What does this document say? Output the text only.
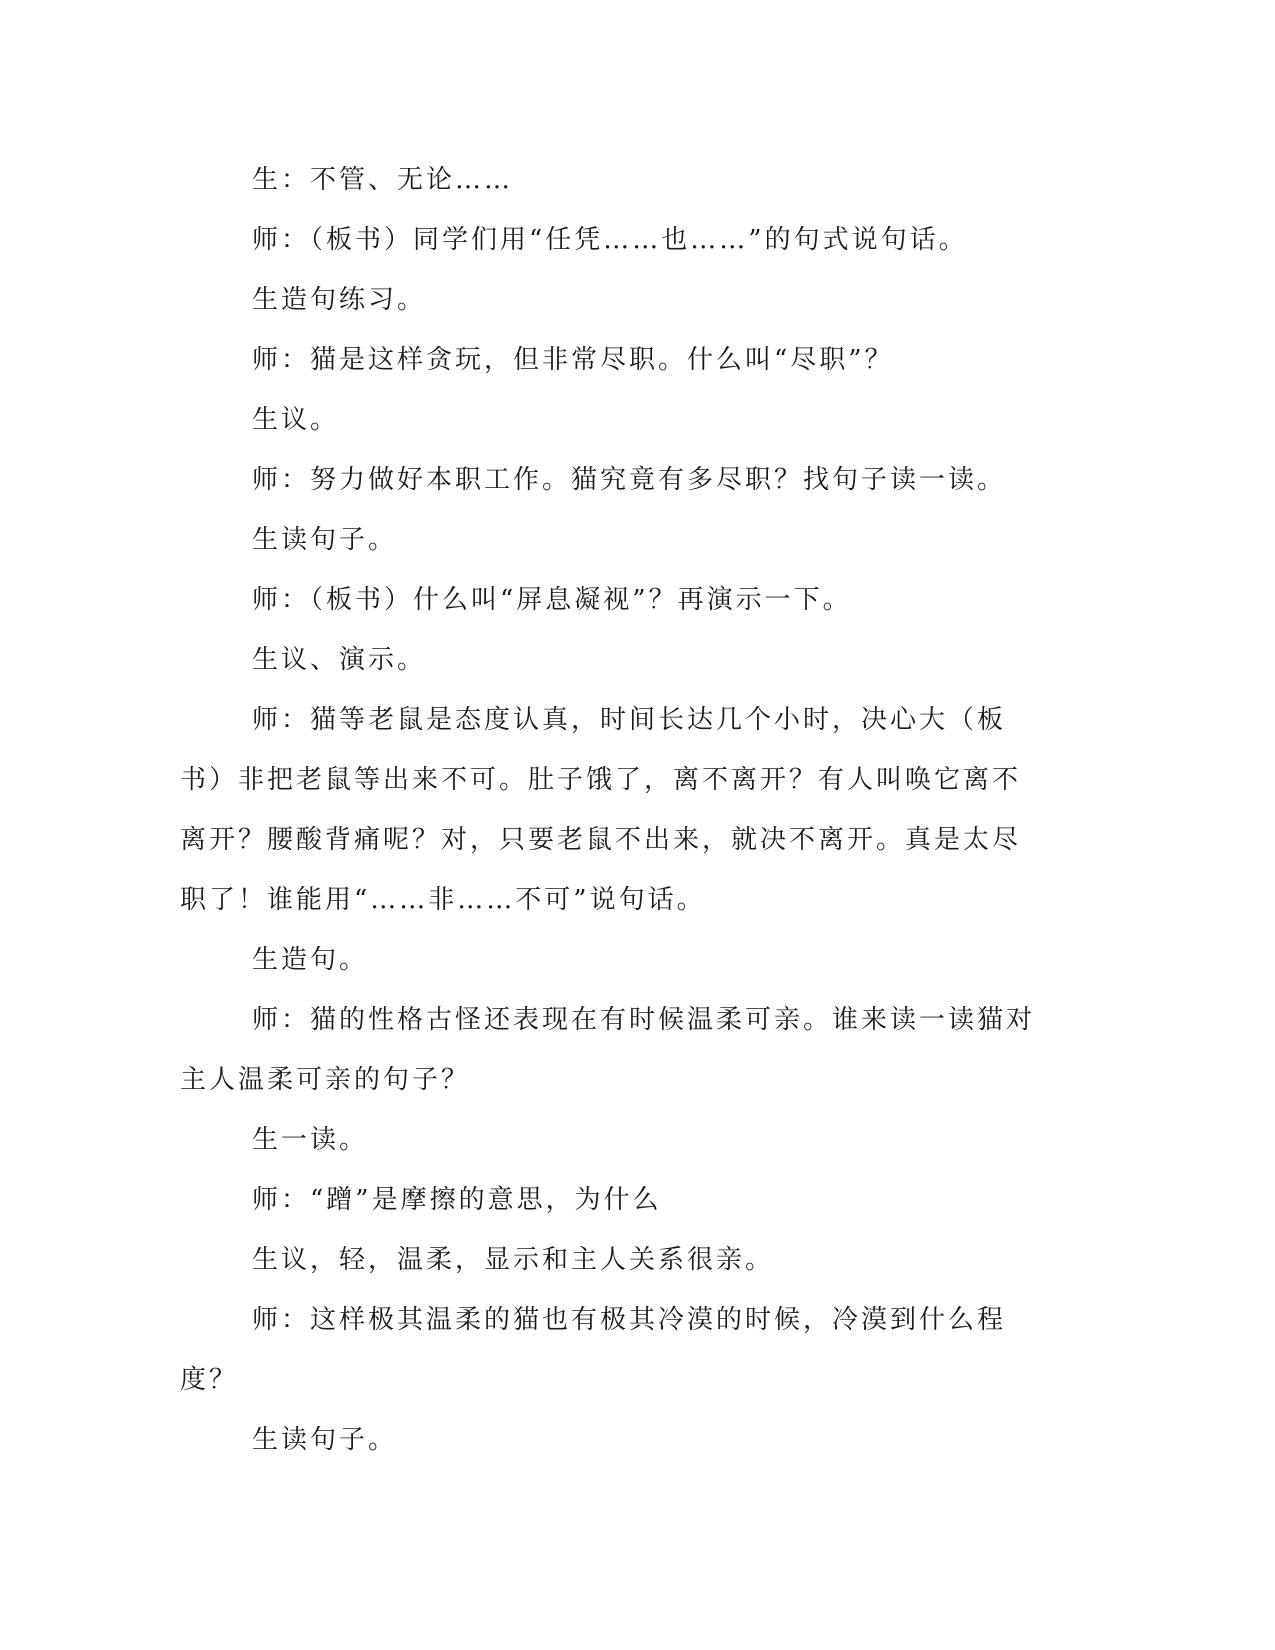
生：不管、无论……

师：（板书）同学们用“任凭……也……”的句式说句话。

生造句练习。

师：猫是这样贪玩，但非常尽职。什么叫“尽职”？

生议。

师：努力做好本职工作。猫究竟有多尽职？找句子读一读。

生读句子。

师：（板书）什么叫“屏息凝视”？再演示一下。

生议、演示。

师：猫等老鼠是态度认真，时间长达几个小时，决心大（板书）非把老鼠等出来不可。肚子饿了，离不离开？有人叫唤它离不离开？腰酸背痛呢？对，只要老鼠不出来，就决不离开。真是太尽职了！谁能用“……非……不可”说句话。

生造句。

师：猫的性格古怪还表现在有时候温柔可亲。谁来读一读猫对主人温柔可亲的句子？

生一读。

师：“蹭”是摩擦的意思，为什么

生议，轻，温柔，显示和主人关系很亲。

师：这样极其温柔的猫也有极其冷漠的时候，冷漠到什么程度？

生读句子。
